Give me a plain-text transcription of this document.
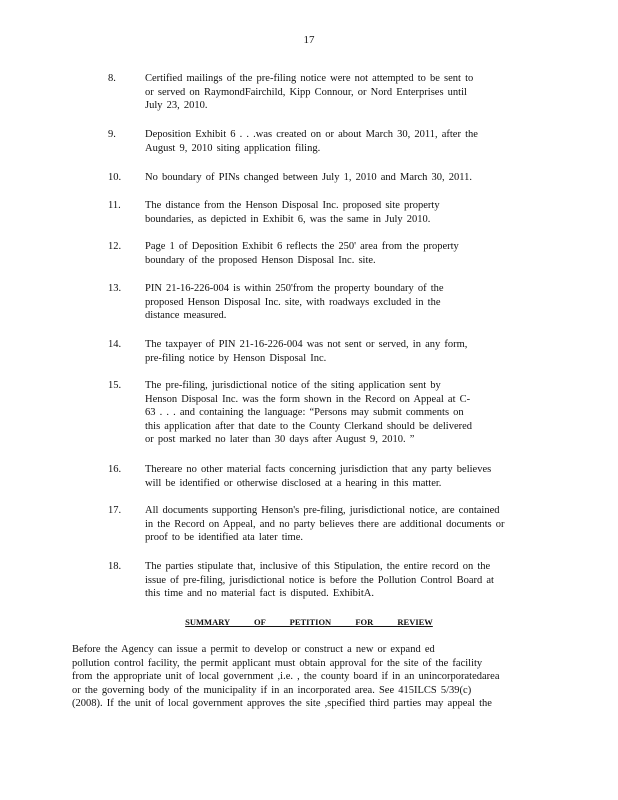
17
8.	Certified mailings of the pre-filing notice were not attempted to be sent to
or served on RaymondFairchild, Kipp Connour, or Nord Enterprises until
July 23, 2010.
9.	Deposition Exhibit 6 . . .was created on or about March 30, 2011, after the
August 9, 2010 siting application filing.
10. No boundary of PINs changed between July 1, 2010 and March 30, 2011.
11. The distance from the Henson Disposal Inc. proposed site property
boundaries, as depicted in Exhibit 6, was the same in July 2010.
12. Page 1 of Deposition Exhibit 6 reflects the 250' area from the property
boundary of the proposed Henson Disposal Inc. site.
13. PIN 21-16-226-004 is within 250'from the property boundary of the
proposed Henson Disposal Inc. site, with roadways excluded in the
distance measured.
14. The taxpayer of PIN 21-16-226-004 was not sent or served, in any form,
pre-filing notice by Henson Disposal Inc.
15. The pre-filing, jurisdictional notice of the siting application sent by
Henson Disposal Inc. was the form shown in the Record on Appeal at C-
63 . . . and containing the language: “Persons may submit comments on
this application after that date to the County Clerkand should be delivered
or post marked no later than 30 days after August 9, 2010. ”
16. Thereare no other material facts concerning jurisdiction that any party believes
will be identified or otherwise disclosed at a hearing in this matter.
17. All documents supporting Henson's pre-filing, jurisdictional notice, are contained
in the Record on Appeal, and no party believes there are additional documents or
proof to be identified ata later time.
18. The parties stipulate that, inclusive of this Stipulation, the entire record on the
issue of pre-filing, jurisdictional notice is before the Pollution Control Board at
this time and no material fact is disputed. ExhibitA.
SUMMARY OF PETITION FOR REVIEW
Before the Agency can issue a permit to develop or construct a new or expand ed
pollution control facility, the permit applicant must obtain approval for the site of the facility
from the appropriate unit of local government ,i.e. , the county board if in an unincorporatedarea
or the governing body of the municipality if in an incorporated area. See 415ILCS 5/39(c)
(2008). If the unit of local government approves the site ,specified third parties may appeal the
